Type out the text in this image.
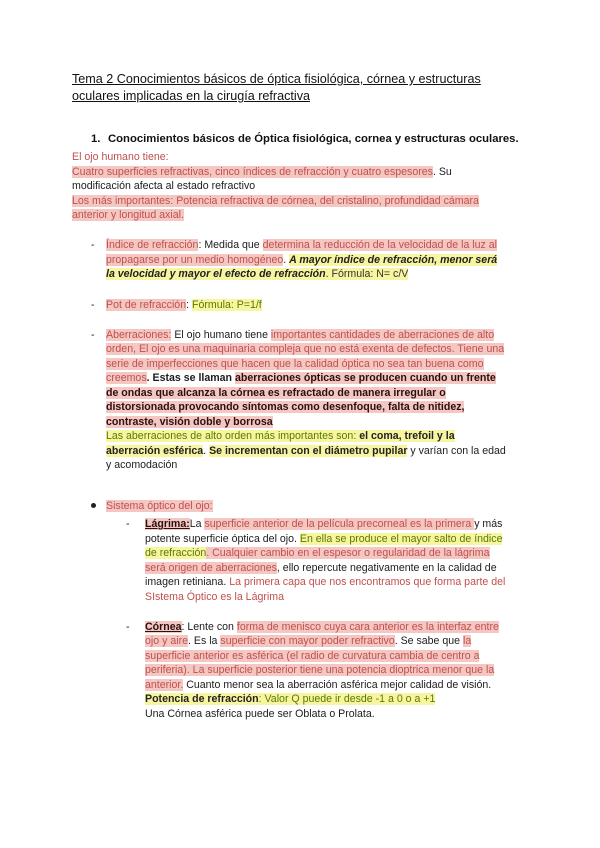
Tema 2 Conocimientos básicos de óptica fisiológica, córnea y estructuras
oculares implicadas en la cirugía refractiva
1. Conocimientos básicos de Óptica fisiológica, cornea y estructuras oculares.
El ojo humano tiene:
Cuatro superficies refractivas, cinco índices de refracción y cuatro espesores. Su
modificación afecta al estado refractivo
Los más importantes: Potencia refractiva de córnea, del cristalino, profundidad cámara
anterior y longitud axial.
- Índice de refracción: Medida que determina la reducción de la velocidad de la luz al
propagarse por un medio homogéneo. A mayor índice de refracción, menor será
la velocidad y mayor el efecto de refracción. Fórmula: N= c/V
- Pot de refracción: Fórmula: P=1/f
- Aberraciones: El ojo humano tiene importantes cantidades de aberraciones de alto
orden, El ojo es una maquinaria compleja que no está exenta de defectos. Tiene una
serie de imperfecciones que hacen que la calidad óptica no sea tan buena como
creemos. Estas se llaman aberraciones ópticas se producen cuando un frente
de ondas que alcanza la córnea es refractado de manera irregular o
distorsionada provocando síntomas como desenfoque, falta de nitidez,
contraste, visión doble y borrosa
Las aberraciones de alto orden más importantes son: el coma, trefoil y la
aberración esférica. Se incrementan con el diámetro pupilar y varían con la edad
y acomodación
Sistema óptico del ojo:
- Lágrima:La superficie anterior de la película precorneal es la primera y más
potente superficie óptica del ojo. En ella se produce el mayor salto de índice
de refracción. Cualquier cambio en el espesor o regularidad de la lágrima
será origen de aberraciones, ello repercute negativamente en la calidad de
imagen retiniana. La primera capa que nos encontramos que forma parte del
SIstema Óptico es la Lágrima
- Córnea: Lente con forma de menisco cuya cara anterior es la interfaz entre
ojo y aire. Es la superficie con mayor poder refractivo. Se sabe que la
superficie anterior es asférica (el radio de curvatura cambia de centro a
periferia). La superficie posterior tiene una potencia dioptrica menor que la
anterior. Cuanto menor sea la aberración asférica mejor calidad de visión.
Potencia de refracción: Valor Q puede ir desde -1 a 0 o a +1
Una Córnea asférica puede ser Oblata o Prolata.
